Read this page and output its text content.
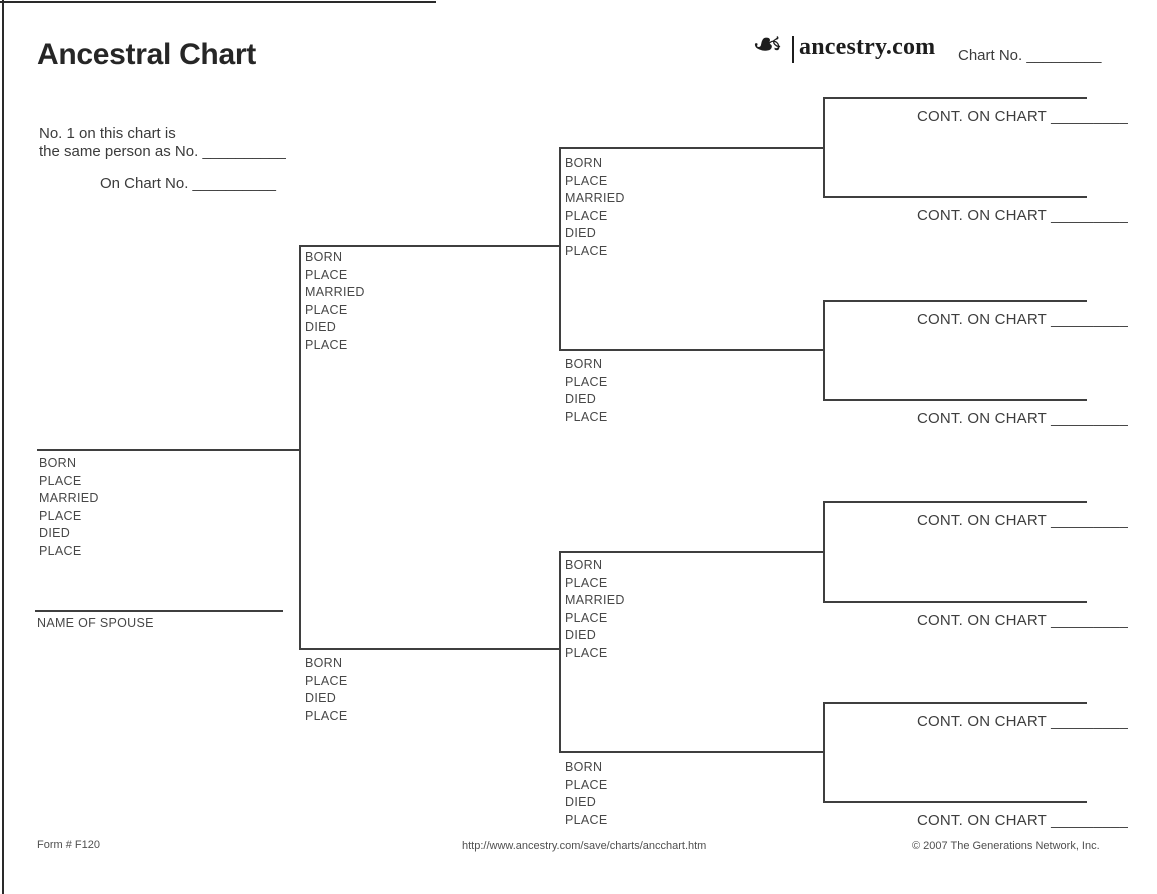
Ancestral Chart	❧ ancestry.com Chart No. _________
No. 1 on this chart is
the same person as No. __________
On Chart No. __________
BORN
PLACE
MARRIED
PLACE
DIED
PLACE
NAME OF SPOUSE
BORN
PLACE
MARRIED
PLACE
DIED
PLACE
BORN
PLACE
DIED
PLACE
BORN
PLACE
MARRIED
PLACE
DIED
PLACE
BORN
PLACE
DIED
PLACE
BORN
PLACE
MARRIED
PLACE
DIED
PLACE
BORN
PLACE
DIED
PLACE
CONT. ON CHART _________
CONT. ON CHART _________
CONT. ON CHART _________
CONT. ON CHART _________
CONT. ON CHART _________
CONT. ON CHART _________
CONT. ON CHART _________
CONT. ON CHART _________
Form # F120	http://www.ancestry.com/save/charts/ancchart.htm	© 2007 The Generations Network, Inc.
